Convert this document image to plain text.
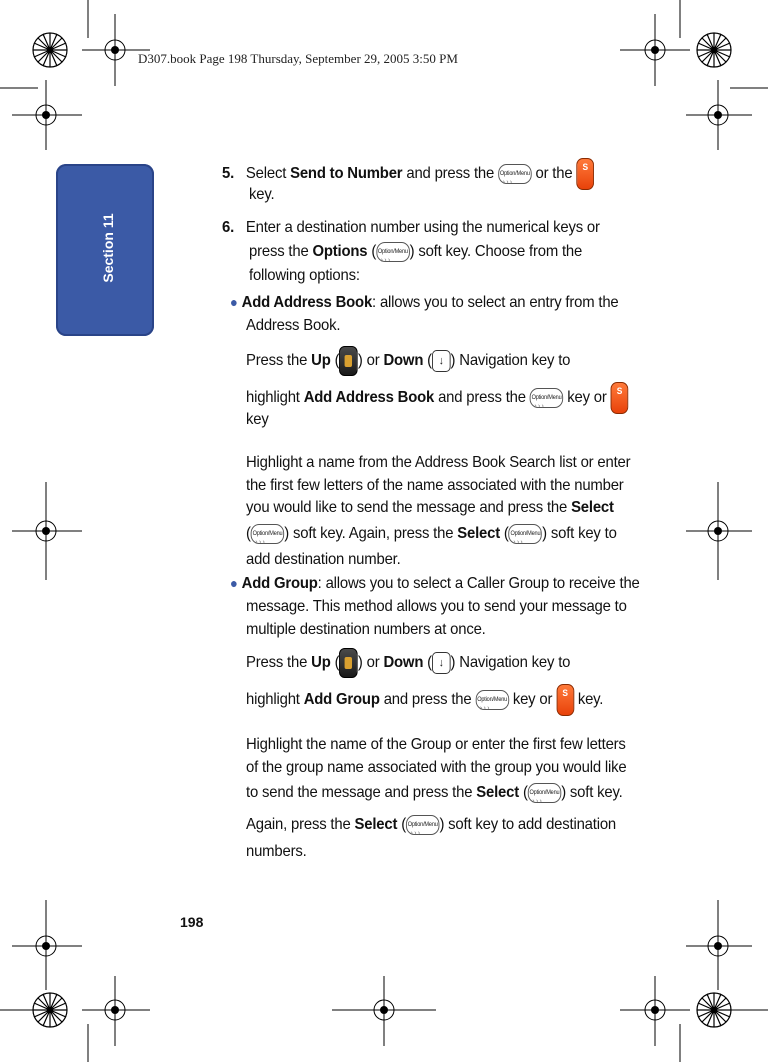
D307.book Page 198 Thursday, September 29, 2005 3:50 PM
Section 11
5. Select Send to Number and press the Option/Menu › › › or the S
key.
6. Enter a destination number using the numerical keys or
press the Options ( Option/Menu › › › ) soft key. Choose from the
following options:
● Add Address Book: allows you to select an entry from the
Address Book.
Press the Up ( ) or Down ( ↓ ) Navigation key to
highlight Add Address Book and press the Option/Menu › › › key or S
key
Highlight a name from the Address Book Search list or enter
the first few letters of the name associated with the number
you would like to send the message and press the Select
( Option/Menu › › › ) soft key. Again, press the Select ( Option/Menu › › › ) soft key to
add destination number.
● Add Group: allows you to select a Caller Group to receive the
message. This method allows you to send your message to
multiple destination numbers at once.
Press the Up ( ) or Down ( ↓ ) Navigation key to
highlight Add Group and press the Option/Menu › › › key or S key.
Highlight the name of the Group or enter the first few letters
of the group name associated with the group you would like
to send the message and press the Select ( Option/Menu › › › ) soft key.
Again, press the Select ( Option/Menu › › › ) soft key to add destination
numbers.
198
